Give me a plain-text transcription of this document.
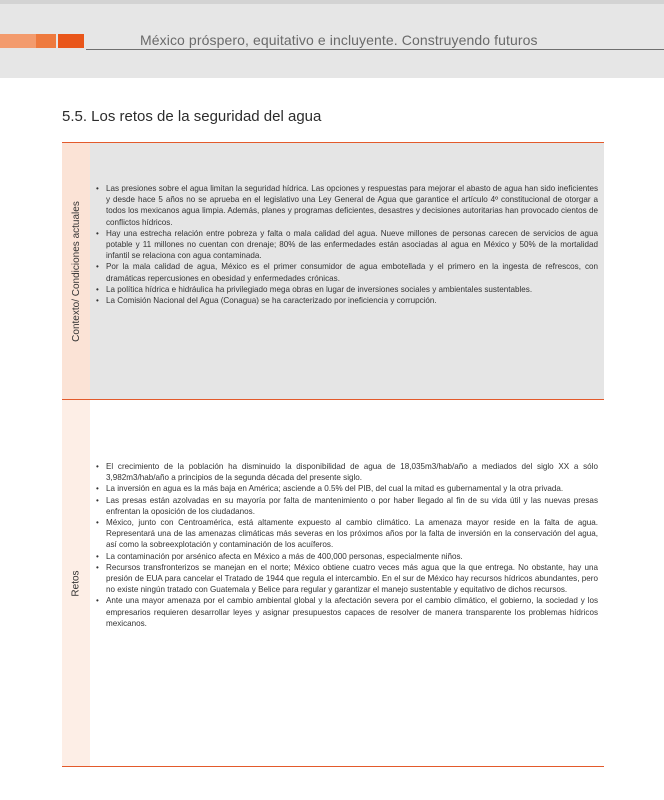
México próspero, equitativo e incluyente. Construyendo futuros
5.5. Los retos de la seguridad del agua
Contexto/ Condiciones actuales
• Las presiones sobre el agua limitan la seguridad hídrica. Las opciones y respuestas para mejorar el abasto de agua han sido ineficientes y desde hace 5 años no se aprueba en el legislativo una Ley General de Agua que garantice el artículo 4º constitucional de otorgar a todos los mexicanos agua limpia. Además, planes y programas deficientes, desastres y decisiones autoritarias han provocado cientos de conflictos hídricos.
• Hay una estrecha relación entre pobreza y falta o mala calidad del agua. Nueve millones de personas carecen de servicios de agua potable y 11 millones no cuentan con drenaje; 80% de las enfermedades están asociadas al agua en México y 50% de la mortalidad infantil se relaciona con agua contaminada.
• Por la mala calidad de agua, México es el primer consumidor de agua embotellada y el primero en la ingesta de refrescos, con dramáticas repercusiones en obesidad y enfermedades crónicas.
• La política hídrica e hidráulica ha privilegiado mega obras en lugar de inversiones sociales y ambientales sustentables.
• La Comisión Nacional del Agua (Conagua) se ha caracterizado por ineficiencia y corrupción.
Retos
• El crecimiento de la población ha disminuido la disponibilidad de agua de 18,035m3/hab/año a mediados del siglo XX a sólo 3,982m3/hab/año a principios de la segunda década del presente siglo.
• La inversión en agua es la más baja en América; asciende a 0.5% del PIB, del cual la mitad es gubernamental y la otra privada.
• Las presas están azolvadas en su mayoría por falta de mantenimiento o por haber llegado al fin de su vida útil y las nuevas presas enfrentan la oposición de los ciudadanos.
• México, junto con Centroamérica, está altamente expuesto al cambio climático. La amenaza mayor reside en la falta de agua. Representará una de las amenazas climáticas más severas en los próximos años por la falta de inversión en la conservación del agua, así como la sobreexplotación y contaminación de los acuíferos.
• La contaminación por arsénico afecta en México a más de 400,000 personas, especialmente niños.
• Recursos transfronterizos se manejan en el norte; México obtiene cuatro veces más agua que la que entrega. No obstante, hay una presión de EUA para cancelar el Tratado de 1944 que regula el intercambio. En el sur de México hay recursos hídricos abundantes, pero no existe ningún tratado con Guatemala y Belice para regular y garantizar el manejo sustentable y equitativo de dichos recursos.
• Ante una mayor amenaza por el cambio ambiental global y la afectación severa por el cambio climático, el gobierno, la sociedad y los empresarios requieren desarrollar leyes y asignar presupuestos capaces de resolver de manera transparente los problemas hídricos mexicanos.
